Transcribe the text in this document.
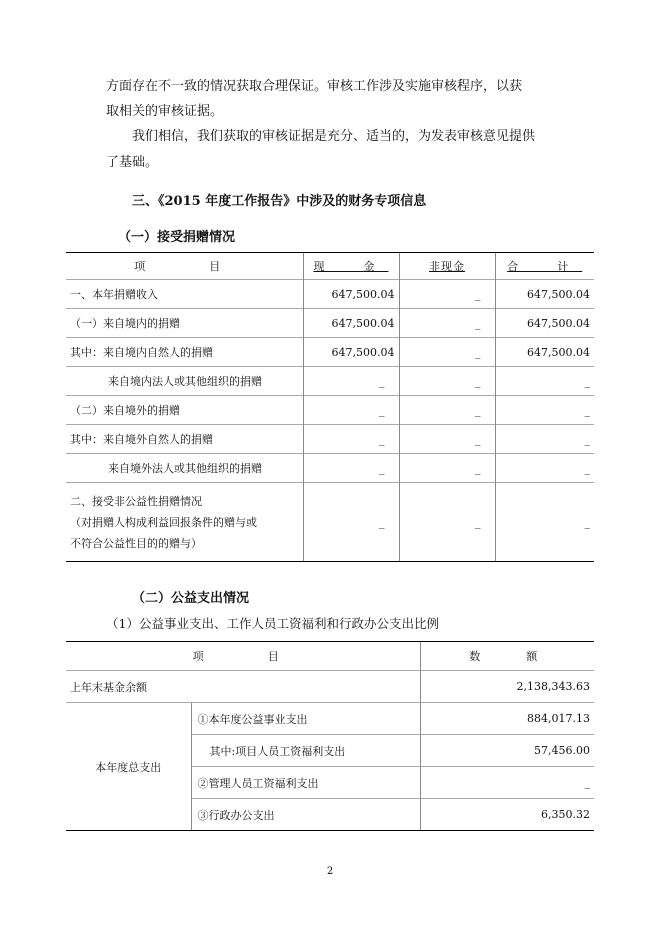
方面存在不一致的情况获取合理保证。审核工作涉及实施审核程序，以获

取相关的审核证据。

我们相信，我们获取的审核证据是充分、适当的，为发表审核意见提供

了基础。

三、《2015 年度工作报告》中涉及的财务专项信息
（一）接受捐赠情况
项　　目	现　金	非现金	合　计
一、本年捐赠收入	647,500.04	_	647,500.04
（一）来自境内的捐赠	647,500.04	_	647,500.04
其中：来自境内自然人的捐赠	647,500.04	_	647,500.04
来自境内法人或其他组织的捐赠	_	_	_
（二）来自境外的捐赠	_	_	_
其中：来自境外自然人的捐赠	_	_	_
来自境外法人或其他组织的捐赠	_	_	_

二、接受非公益性捐赠情况
（对捐赠人构成利益回报条件的赠与或
不符合公益性目的的赠与）	_	_	_
（二）公益支出情况
（1）公益事业支出、工作人员工资福利和行政办公支出比例
项　　目		数　　额
上年末基金余额		2,138,343.63
本年度总支出	①本年度公益事业支出	884,017.13
	其中:项目人员工资福利支出	57,456.00
	②管理人员工资福利支出	_
	③行政办公支出	6,350.32
2
